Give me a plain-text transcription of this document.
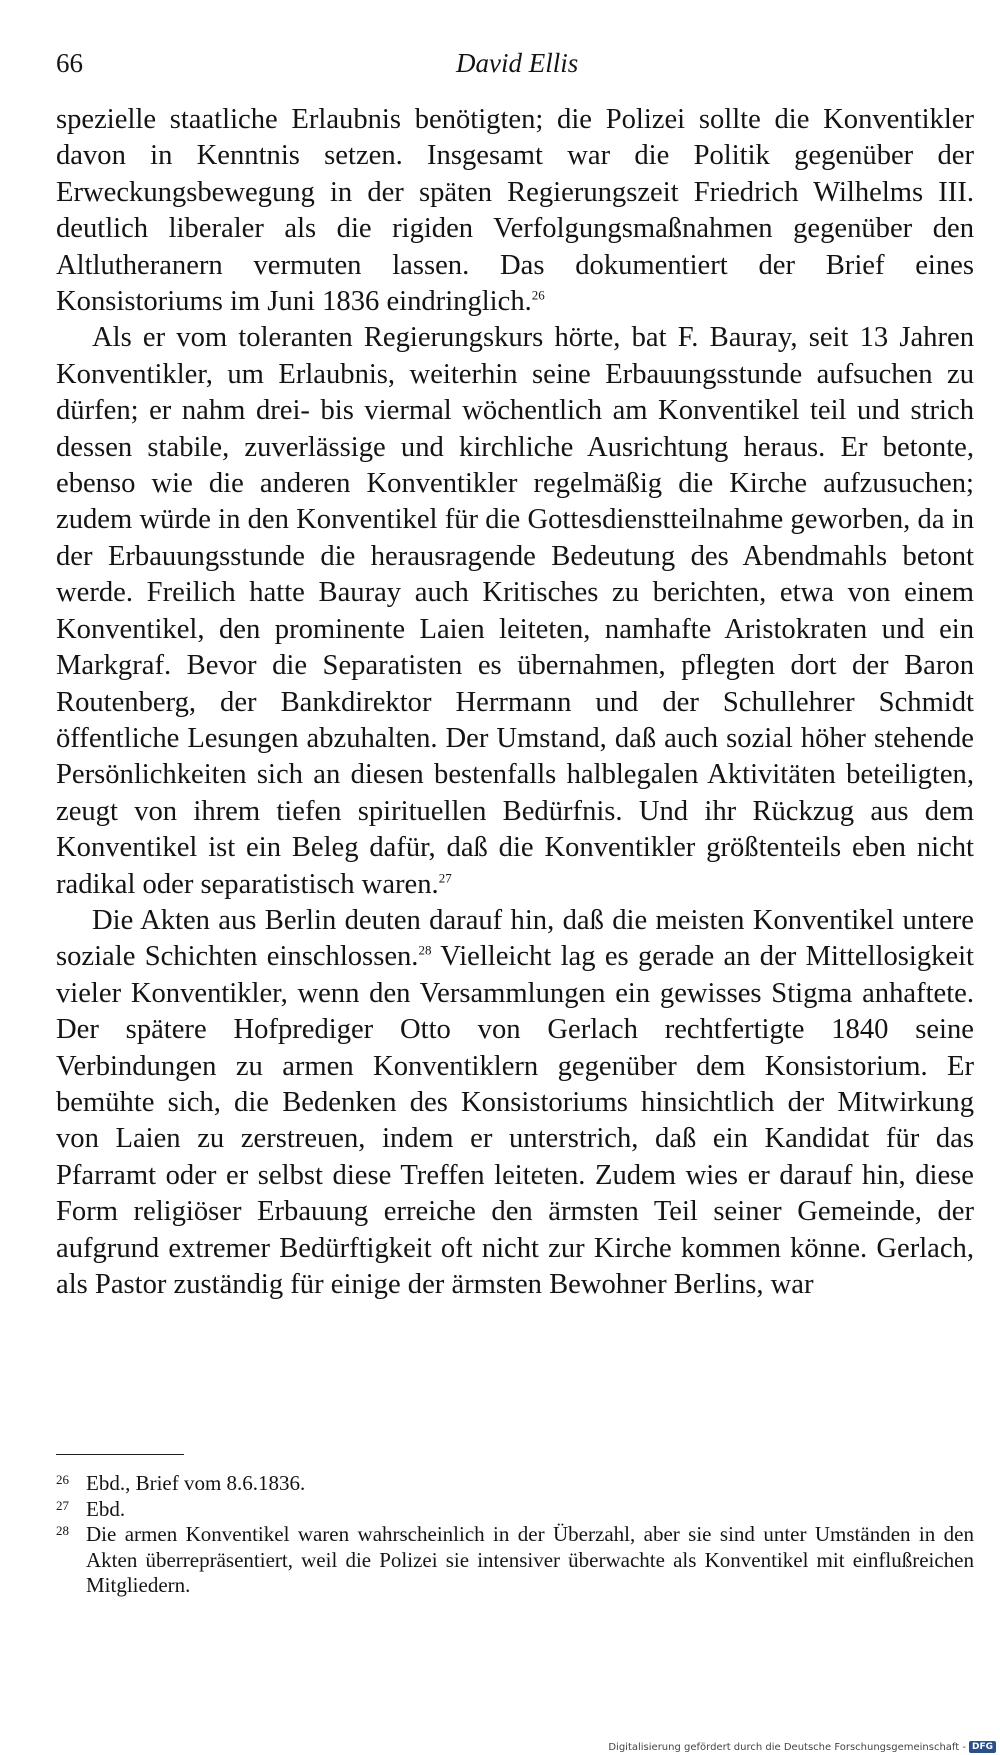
66	David Ellis

spezielle staatliche Erlaubnis benötigten; die Polizei sollte die Konventikler davon in Kenntnis setzen. Insgesamt war die Politik gegenüber der Erweckungsbewegung in der späten Regierungszeit Friedrich Wilhelms III. deutlich liberaler als die rigiden Verfolgungsmaßnahmen gegenüber den Altlutheranern vermuten lassen. Das dokumentiert der Brief eines Konsistoriums im Juni 1836 eindringlich.$^{26}$

Als er vom toleranten Regierungskurs hörte, bat F. Bauray, seit 13 Jahren Konventikler, um Erlaubnis, weiterhin seine Erbauungsstunde aufsuchen zu dürfen; er nahm drei- bis viermal wöchentlich am Konventikel teil und strich dessen stabile, zuverlässige und kirchliche Ausrichtung heraus. Er betonte, ebenso wie die anderen Konventikler regelmäßig die Kirche aufzusuchen; zudem würde in den Konventikel für die Gottesdienstteilnahme geworben, da in der Erbauungsstunde die herausragende Bedeutung des Abendmahls betont werde. Freilich hatte Bauray auch Kritisches zu berichten, etwa von einem Konventikel, den prominente Laien leiteten, namhafte Aristokraten und ein Markgraf. Bevor die Separatisten es übernahmen, pflegten dort der Baron Routenberg, der Bankdirektor Herrmann und der Schullehrer Schmidt öffentliche Lesungen abzuhalten. Der Umstand, daß auch sozial höher stehende Persönlichkeiten sich an diesen bestenfalls halblegalen Aktivitäten beteiligten, zeugt von ihrem tiefen spirituellen Bedürfnis. Und ihr Rückzug aus dem Konventikel ist ein Beleg dafür, daß die Konventikler größtenteils eben nicht radikal oder separatistisch waren.$^{27}$

Die Akten aus Berlin deuten darauf hin, daß die meisten Konventikel untere soziale Schichten einschlossen.$^{28}$ Vielleicht lag es gerade an der Mittellosigkeit vieler Konventikler, wenn den Versammlungen ein gewisses Stigma anhaftete. Der spätere Hofprediger Otto von Gerlach rechtfertigte 1840 seine Verbindungen zu armen Konventiklern gegenüber dem Konsistorium. Er bemühte sich, die Bedenken des Konsistoriums hinsichtlich der Mitwirkung von Laien zu zerstreuen, indem er unterstrich, daß ein Kandidat für das Pfarramt oder er selbst diese Treffen leiteten. Zudem wies er darauf hin, diese Form religiöser Erbauung erreiche den ärmsten Teil seiner Gemeinde, der aufgrund extremer Bedürftigkeit oft nicht zur Kirche kommen könne. Gerlach, als Pastor zuständig für einige der ärmsten Bewohner Berlins, war

26 Ebd., Brief vom 8.6.1836.
27 Ebd.
28 Die armen Konventikel waren wahrscheinlich in der Überzahl, aber sie sind unter Umständen in den Akten überrepräsentiert, weil die Polizei sie intensiver überwachte als Konventikel mit einflußreichen Mitgliedern.
Digitalisierung gefördert durch die Deutsche Forschungsgemeinschaft - DFG
